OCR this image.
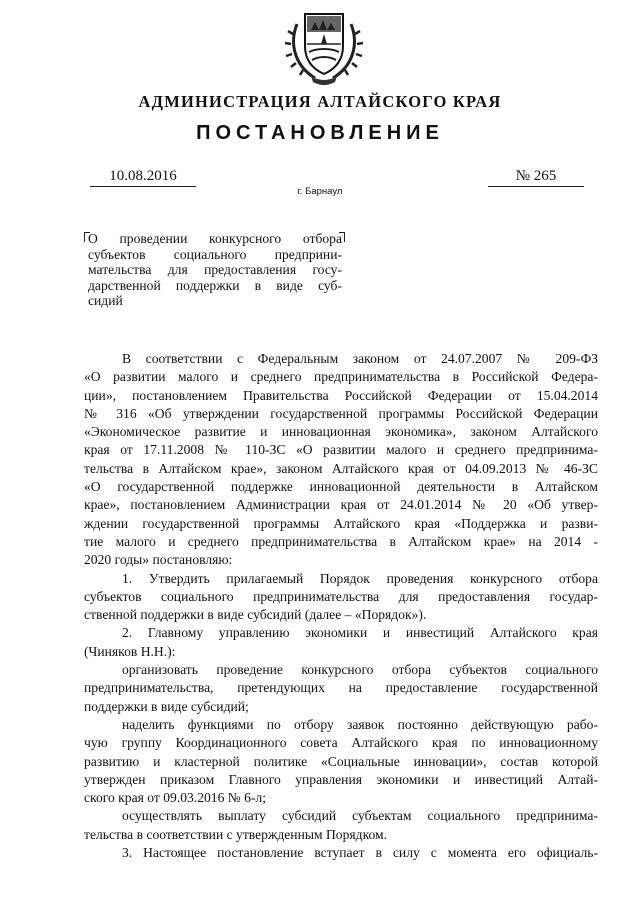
АДМИНИСТРАЦИЯ АЛТАЙСКОГО КРАЯ
ПОСТАНОВЛЕНИЕ
10.08.2016	№ 265
г. Барнаул
О проведении конкурсного отбора
субъектов социального предприни-
мательства для предоставления госу-
дарственной поддержки в виде суб-
сидий
В соответствии с Федеральным законом от 24.07.2007 № 209-ФЗ
«О развитии малого и среднего предпринимательства в Российской Федера-
ции», постановлением Правительства Российской Федерации от 15.04.2014
№ 316 «Об утверждении государственной программы Российской Федерации
«Экономическое развитие и инновационная экономика», законом Алтайского
края от 17.11.2008 № 110-ЗС «О развитии малого и среднего предпринима-
тельства в Алтайском крае», законом Алтайского края от 04.09.2013 № 46-ЗС
«О государственной поддержке инновационной деятельности в Алтайском
крае», постановлением Администрации края от 24.01.2014 № 20 «Об утвер-
ждении государственной программы Алтайского края «Поддержка и разви-
тие малого и среднего предпринимательства в Алтайском крае» на 2014 -
2020 годы» постановляю:
1. Утвердить прилагаемый Порядок проведения конкурсного отбора
субъектов социального предпринимательства для предоставления государ-
ственной поддержки в виде субсидий (далее – «Порядок»).
2. Главному управлению экономики и инвестиций Алтайского края
(Чиняков Н.Н.):
организовать проведение конкурсного отбора субъектов социального
предпринимательства, претендующих на предоставление государственной
поддержки в виде субсидий;
наделить функциями по отбору заявок постоянно действующую рабо-
чую группу Координационного совета Алтайского края по инновационному
развитию и кластерной политике «Социальные инновации», состав которой
утвержден приказом Главного управления экономики и инвестиций Алтай-
ского края от 09.03.2016 № 6-л;
осуществлять выплату субсидий субъектам социального предпринима-
тельства в соответствии с утвержденным Порядком.
3. Настоящее постановление вступает в силу с момента его официаль-
